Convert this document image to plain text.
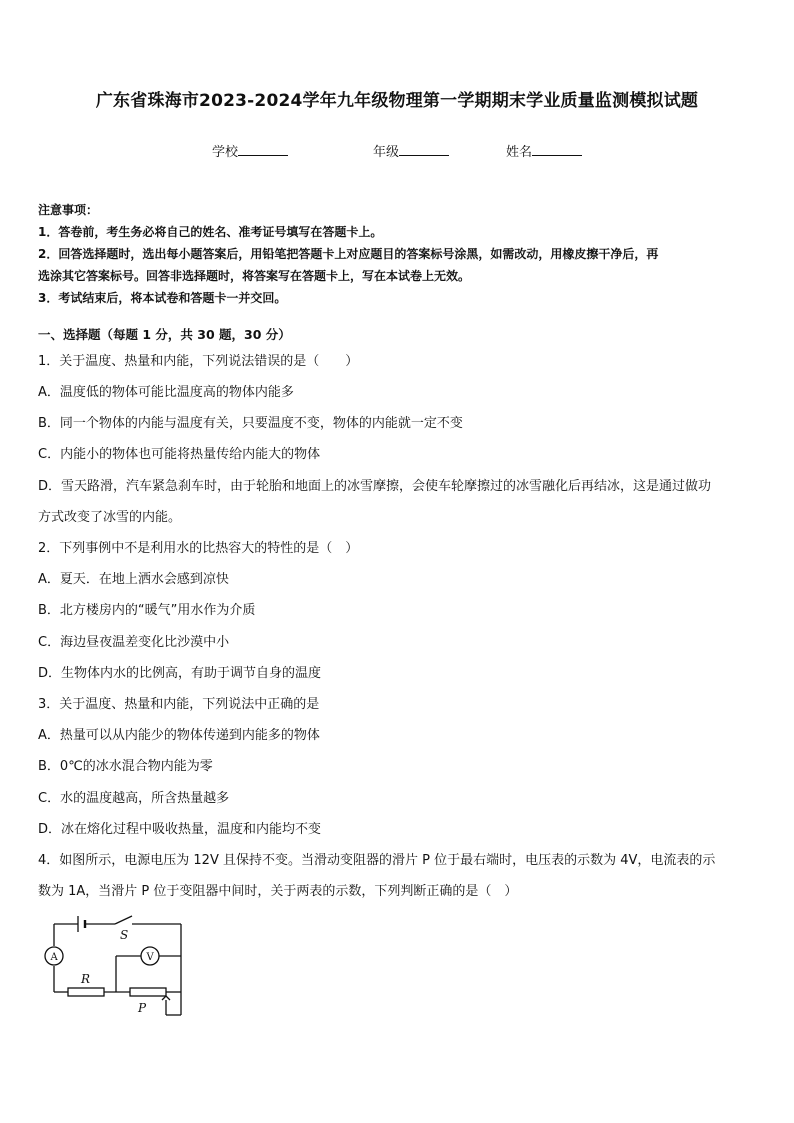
广东省珠海市2023-2024学年九年级物理第一学期期末学业质量监测模拟试题
学校	年级	姓名
注意事项：
1．答卷前，考生务必将自己的姓名、准考证号填写在答题卡上。
2．回答选择题时，选出每小题答案后，用铅笔把答题卡上对应题目的答案标号涂黑，如需改动，用橡皮擦干净后，再
选涂其它答案标号。回答非选择题时，将答案写在答题卡上，写在本试卷上无效。
3．考试结束后，将本试卷和答题卡一并交回。
一、选择题（每题 1 分，共 30 题，30 分）
1．关于温度、热量和内能，下列说法错误的是（　　）
A．温度低的物体可能比温度高的物体内能多
B．同一个物体的内能与温度有关，只要温度不变，物体的内能就一定不变
C．内能小的物体也可能将热量传给内能大的物体
D．雪天路滑，汽车紧急刹车时，由于轮胎和地面上的冰雪摩擦，会使车轮摩擦过的冰雪融化后再结冰，这是通过做功
方式改变了冰雪的内能。
2．下列事例中不是利用水的比热容大的特性的是（　）
A．夏天．在地上洒水会感到凉快
B．北方楼房内的“暖气”用水作为介质
C．海边昼夜温差变化比沙漠中小
D．生物体内水的比例高，有助于调节自身的温度
3．关于温度、热量和内能，下列说法中正确的是
A．热量可以从内能少的物体传递到内能多的物体
B．0℃的冰水混合物内能为零
C．水的温度越高，所含热量越多
D．冰在熔化过程中吸收热量，温度和内能均不变
4．如图所示，电源电压为 12V 且保持不变。当滑动变阻器的滑片 P 位于最右端时，电压表的示数为 4V，电流表的示
数为 1A，当滑片 P 位于变阻器中间时，关于两表的示数，下列判断正确的是（　）
A	V
S
R
P
